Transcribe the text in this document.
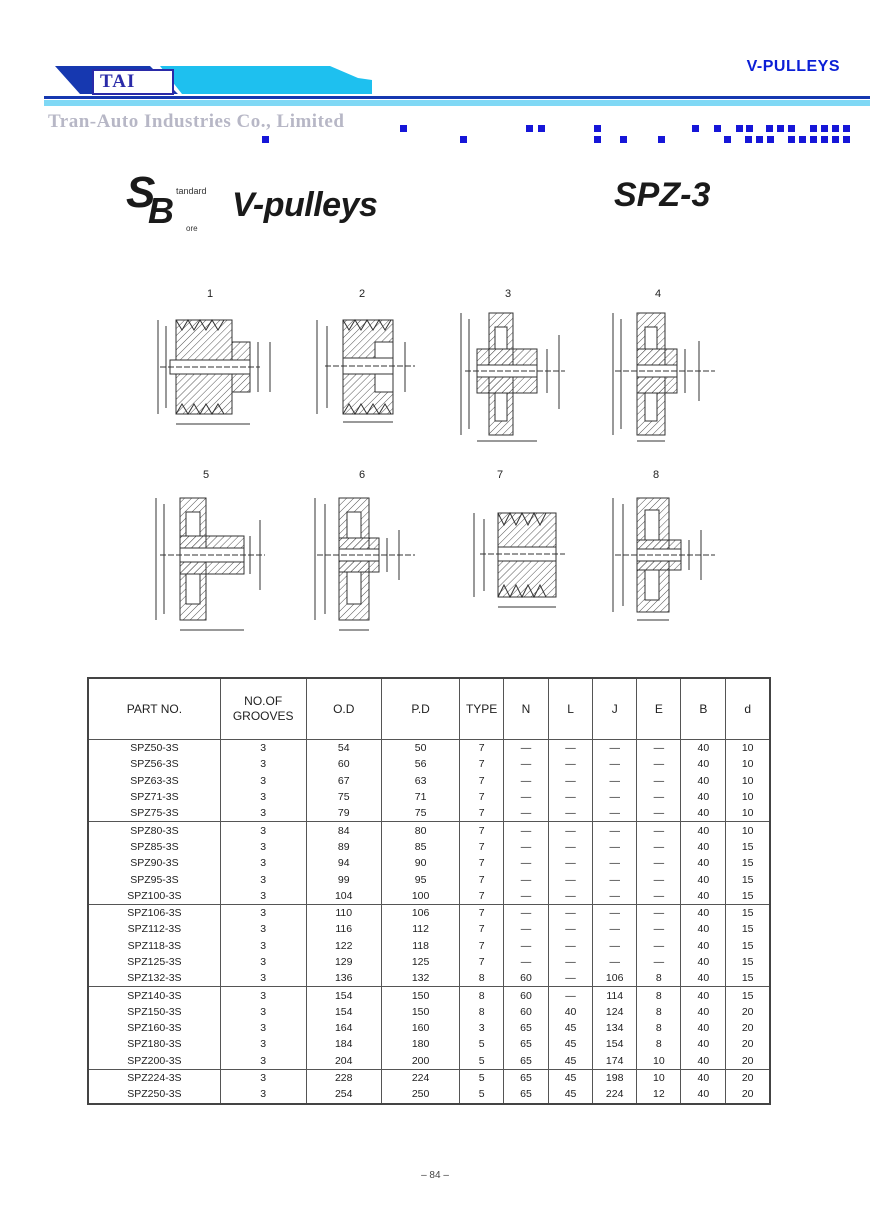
TAI
V-PULLEYS
Tran-Auto Industries Co., Limited
S tandard
B ore
V-pulleys	SPZ-3
1	2	3	4
5	6	7	8
PART NO.	NO.OF GROOVES	O.D	P.D	TYPE	N	L	J	E	B	d
SPZ50-3S	3	54	50	7	—	—	—	—	40	10
SPZ56-3S	3	60	56	7	—	—	—	—	40	10
SPZ63-3S	3	67	63	7	—	—	—	—	40	10
SPZ71-3S	3	75	71	7	—	—	—	—	40	10
SPZ75-3S	3	79	75	7	—	—	—	—	40	10
SPZ80-3S	3	84	80	7	—	—	—	—	40	10
SPZ85-3S	3	89	85	7	—	—	—	—	40	15
SPZ90-3S	3	94	90	7	—	—	—	—	40	15
SPZ95-3S	3	99	95	7	—	—	—	—	40	15
SPZ100-3S	3	104	100	7	—	—	—	—	40	15
SPZ106-3S	3	110	106	7	—	—	—	—	40	15
SPZ112-3S	3	116	112	7	—	—	—	—	40	15
SPZ118-3S	3	122	118	7	—	—	—	—	40	15
SPZ125-3S	3	129	125	7	—	—	—	—	40	15
SPZ132-3S	3	136	132	8	60	—	106	8	40	15
SPZ140-3S	3	154	150	8	60	—	114	8	40	15
SPZ150-3S	3	154	150	8	60	40	124	8	40	20
SPZ160-3S	3	164	160	3	65	45	134	8	40	20
SPZ180-3S	3	184	180	5	65	45	154	8	40	20
SPZ200-3S	3	204	200	5	65	45	174	10	40	20
SPZ224-3S	3	228	224	5	65	45	198	10	40	20
SPZ250-3S	3	254	250	5	65	45	224	12	40	20
– 84 –
